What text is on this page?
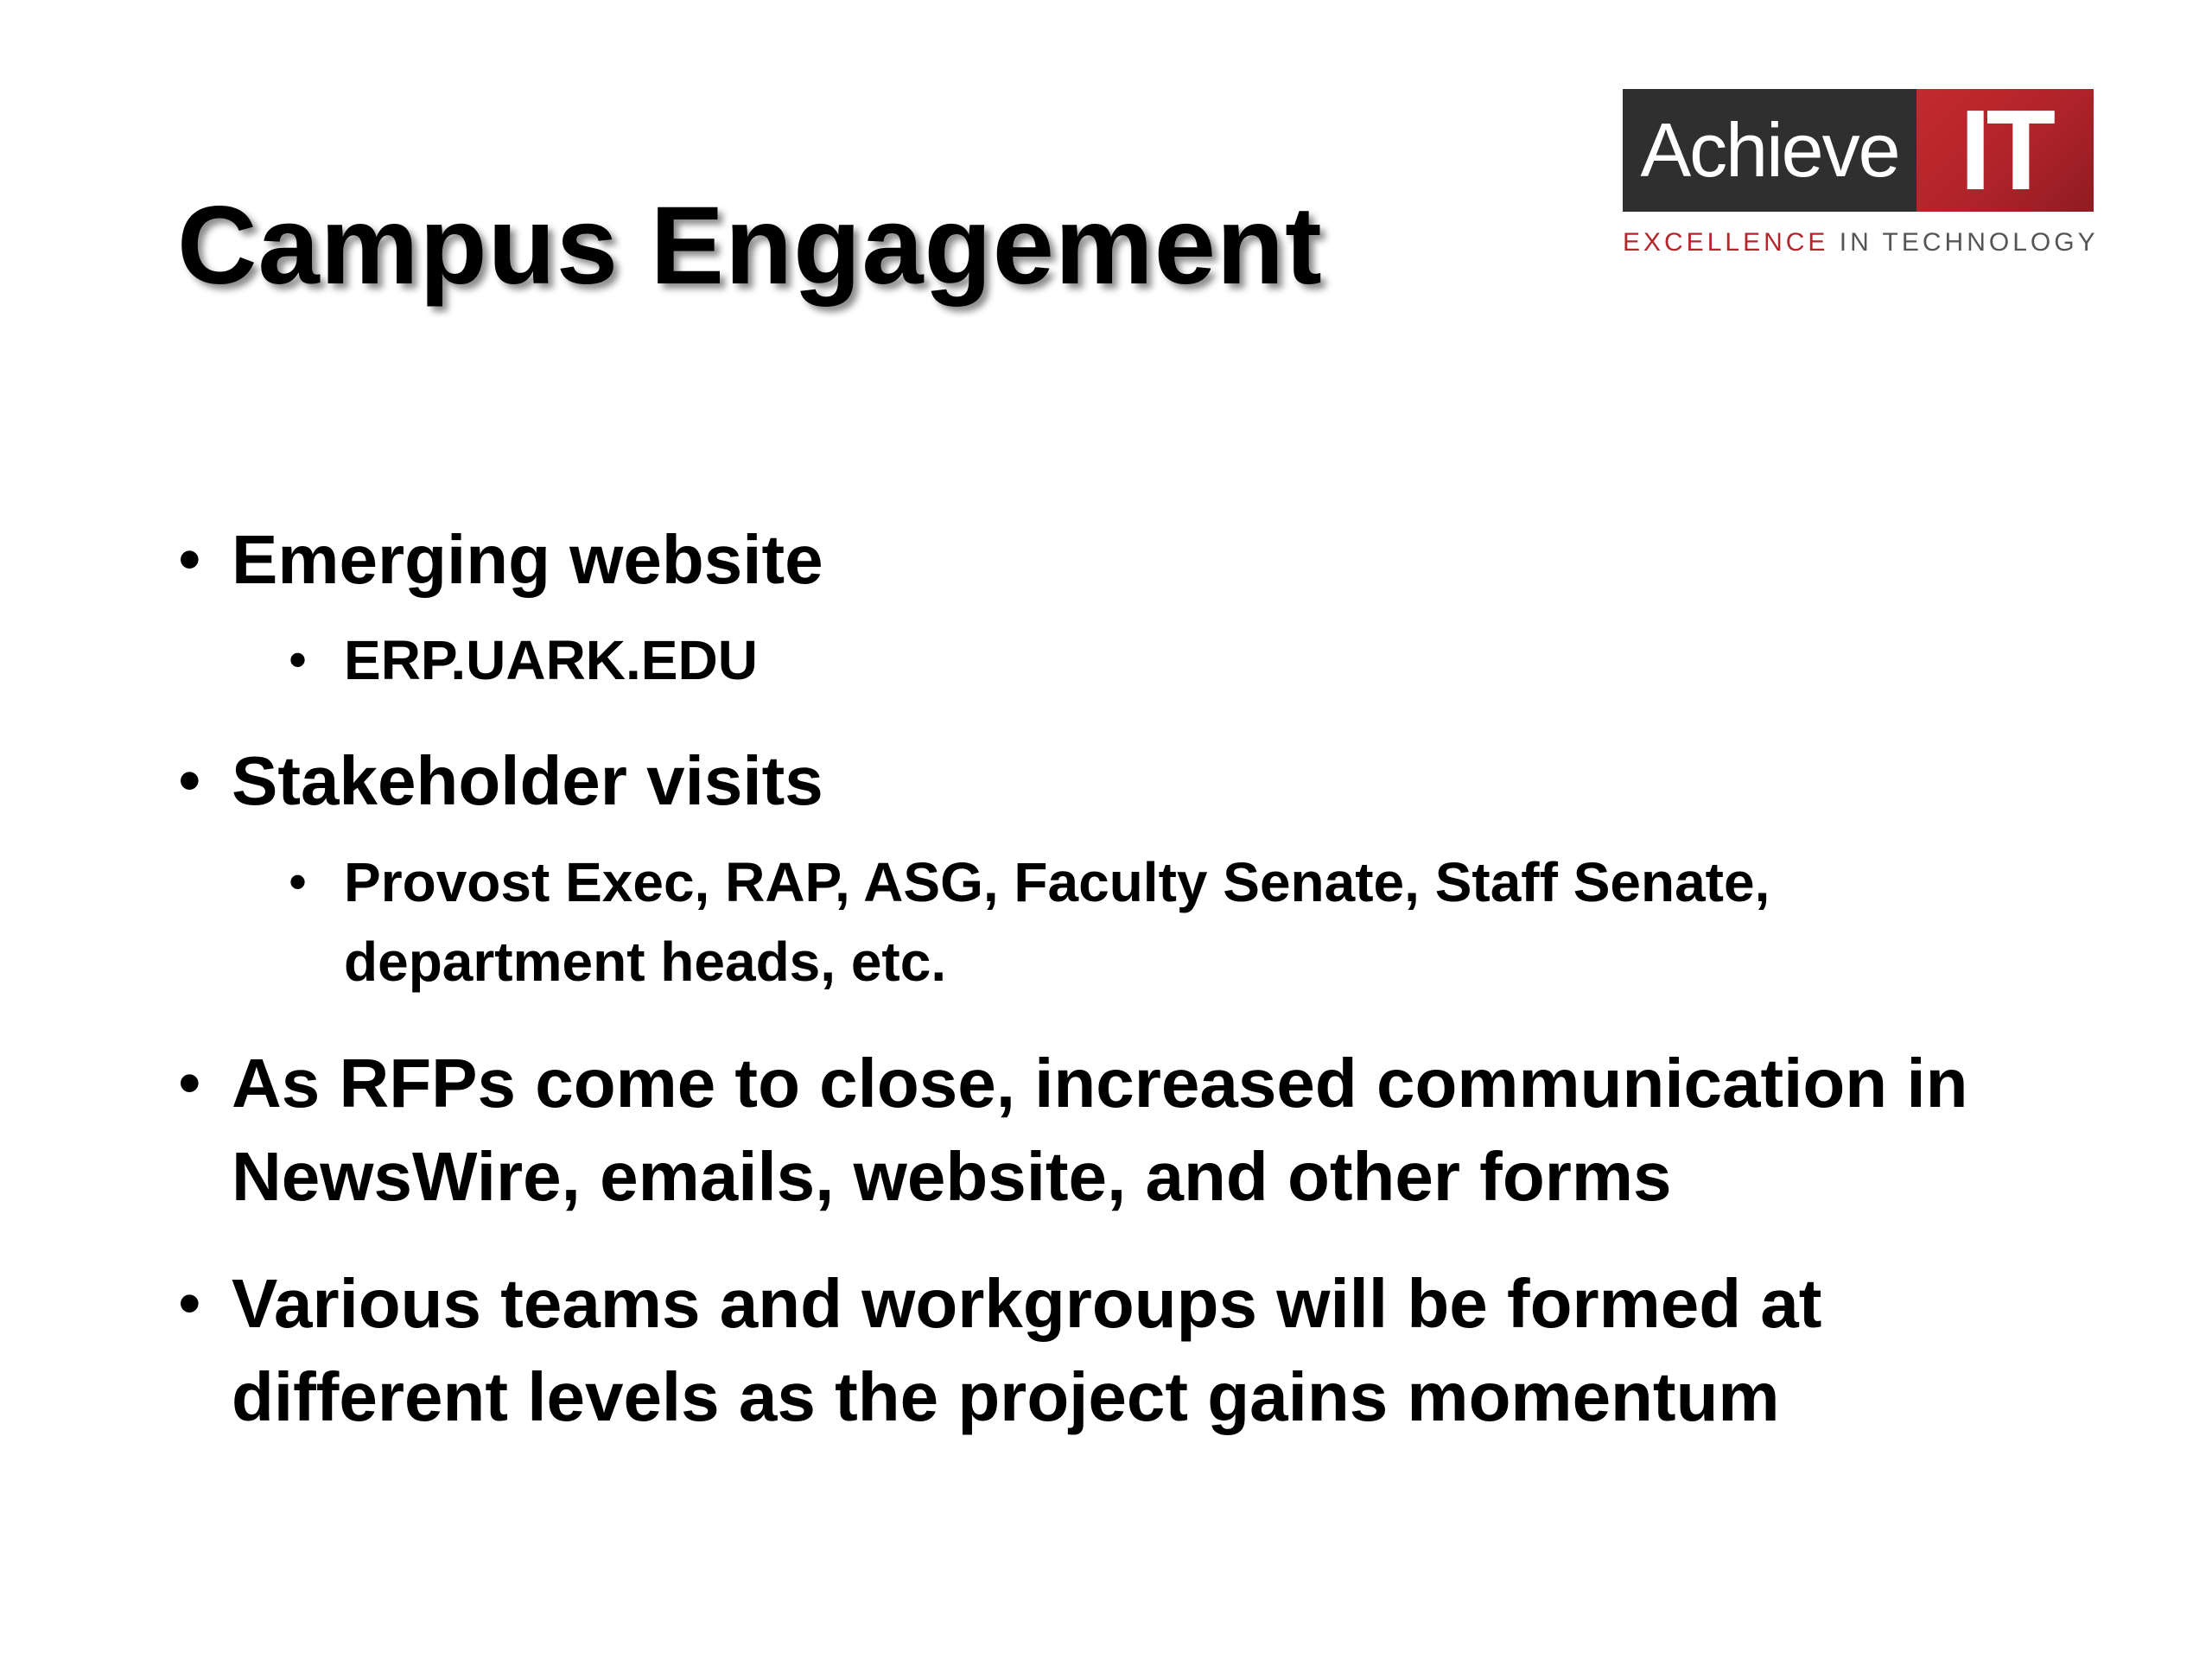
Campus Engagement
Achieve IT
EXCELLENCE IN TECHNOLOGY
• Emerging website
• ERP.UARK.EDU
• Stakeholder visits
• Provost Exec, RAP, ASG, Faculty Senate, Staff Senate, department heads, etc.
• As RFPs come to close, increased communication in NewsWire, emails, website, and other forms
• Various teams and workgroups will be formed at different levels as the project gains momentum
